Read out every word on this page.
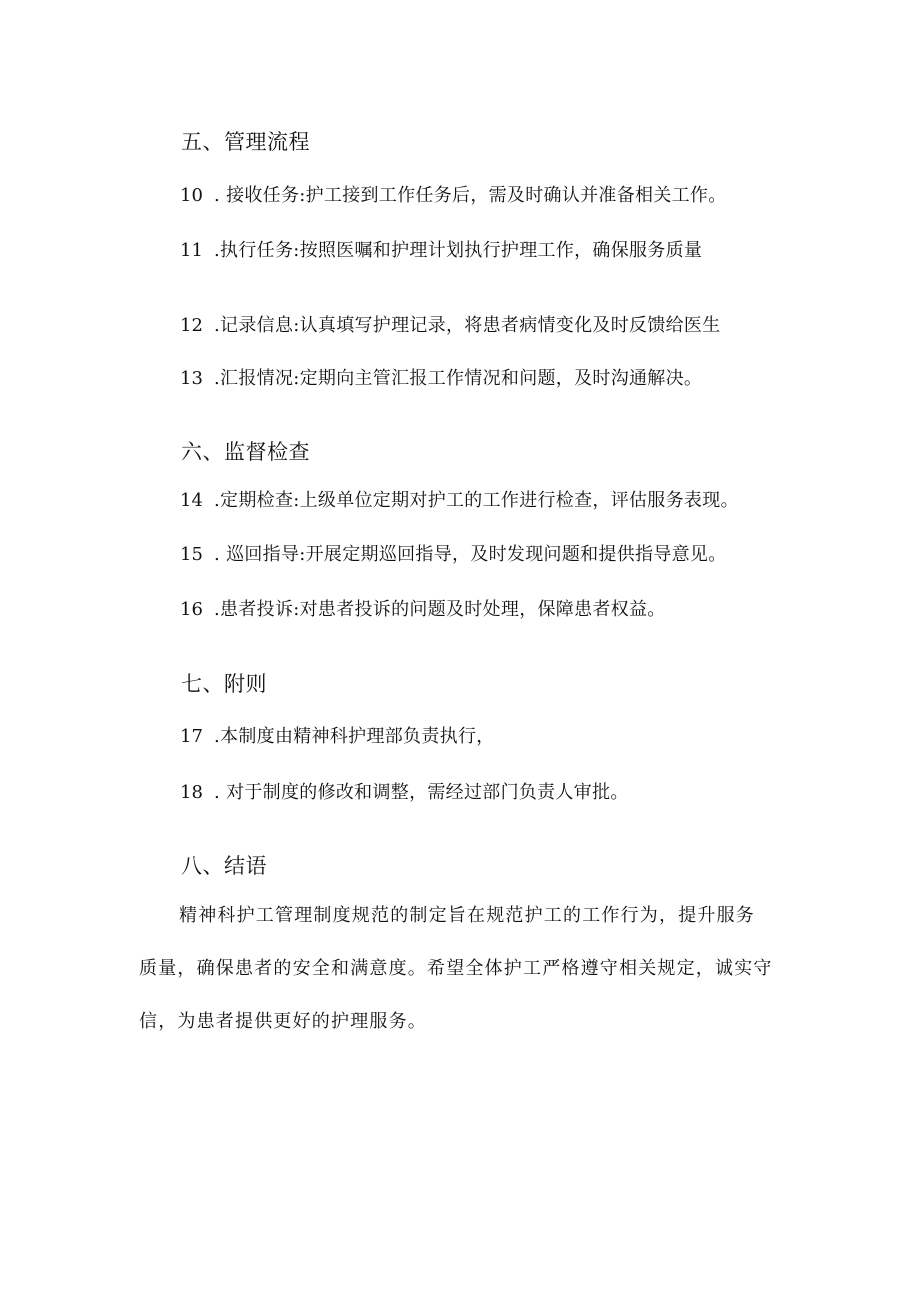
五、管理流程
10 . 接收任务:护工接到工作任务后，需及时确认并准备相关工作。
11 .执行任务:按照医嘱和护理计划执行护理工作，确保服务质量
12 .记录信息:认真填写护理记录，将患者病情变化及时反馈给医生
13 .汇报情况:定期向主管汇报工作情况和问题，及时沟通解决。
六、监督检查
14 .定期检查:上级单位定期对护工的工作进行检查，评估服务表现。
15 . 巡回指导:开展定期巡回指导，及时发现问题和提供指导意见。
16 .患者投诉:对患者投诉的问题及时处理，保障患者权益。
七、附则
17 .本制度由精神科护理部负责执行，
18 . 对于制度的修改和调整，需经过部门负责人审批。
八、结语
精神科护工管理制度规范的制定旨在规范护工的工作行为，提升服务
质量，确保患者的安全和满意度。希望全体护工严格遵守相关规定，诚实守
信，为患者提供更好的护理服务。
